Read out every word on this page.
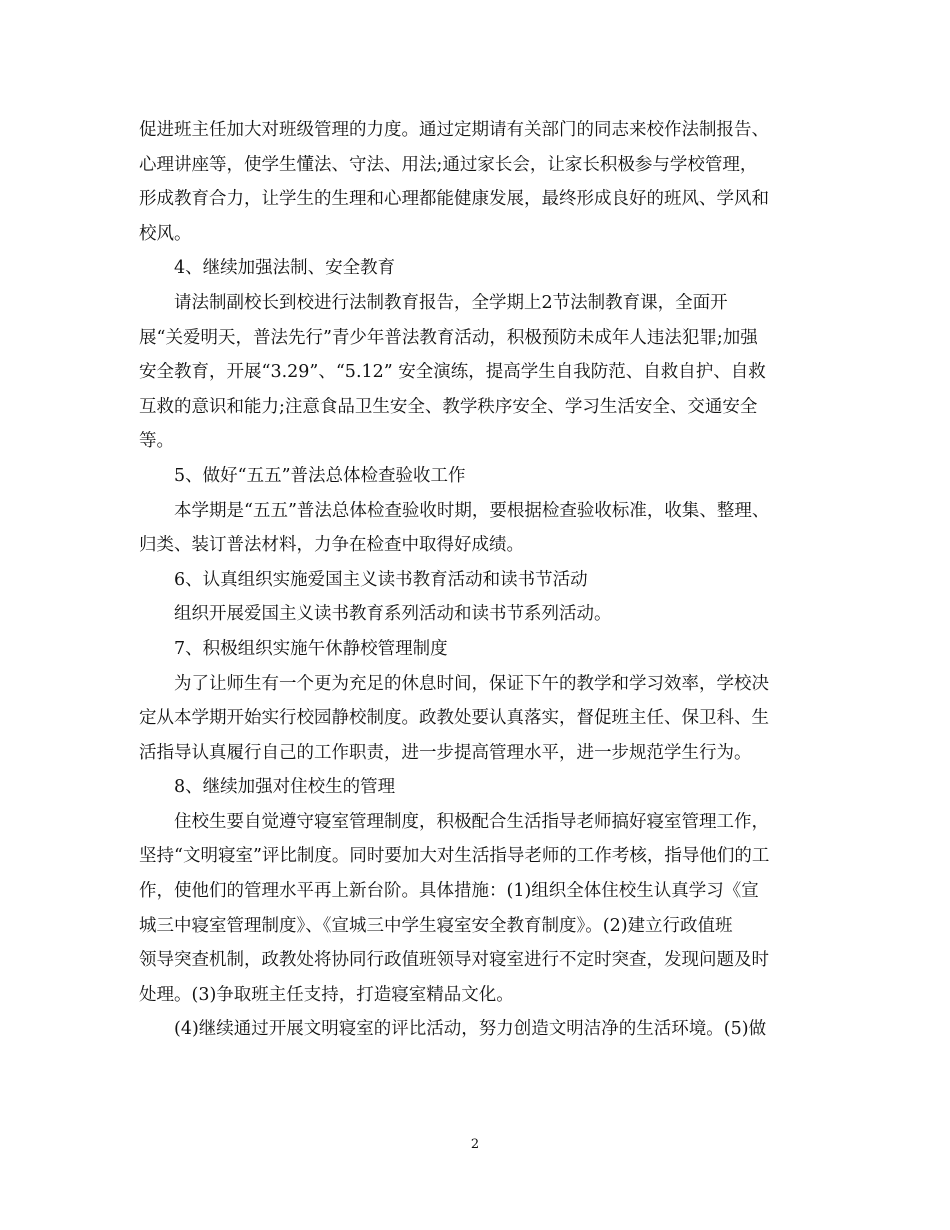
促进班主任加大对班级管理的力度。通过定期请有关部门的同志来校作法制报告、
心理讲座等，使学生懂法、守法、用法;通过家长会，让家长积极参与学校管理，
形成教育合力，让学生的生理和心理都能健康发展，最终形成良好的班风、学风和
校风。
4、继续加强法制、安全教育
请法制副校长到校进行法制教育报告，全学期上2节法制教育课，全面开
展“关爱明天，普法先行”青少年普法教育活动，积极预防未成年人违法犯罪;加强
安全教育，开展“3.29”、“5.12” 安全演练，提高学生自我防范、自救自护、自救
互救的意识和能力;注意食品卫生安全、教学秩序安全、学习生活安全、交通安全
等。
5、做好“五五”普法总体检查验收工作
本学期是“五五”普法总体检查验收时期，要根据检查验收标准，收集、整理、
归类、装订普法材料，力争在检查中取得好成绩。
6、认真组织实施爱国主义读书教育活动和读书节活动
组织开展爱国主义读书教育系列活动和读书节系列活动。
7、积极组织实施午休静校管理制度
为了让师生有一个更为充足的休息时间，保证下午的教学和学习效率，学校决
定从本学期开始实行校园静校制度。政教处要认真落实，督促班主任、保卫科、生
活指导认真履行自己的工作职责，进一步提高管理水平，进一步规范学生行为。
8、继续加强对住校生的管理
住校生要自觉遵守寝室管理制度，积极配合生活指导老师搞好寝室管理工作，
坚持“文明寝室”评比制度。同时要加大对生活指导老师的工作考核，指导他们的工
作，使他们的管理水平再上新台阶。具体措施：(1)组织全体住校生认真学习《宣
城三中寝室管理制度》、《宣城三中学生寝室安全教育制度》。(2)建立行政值班
领导突查机制，政教处将协同行政值班领导对寝室进行不定时突查，发现问题及时
处理。(3)争取班主任支持，打造寝室精品文化。
(4)继续通过开展文明寝室的评比活动，努力创造文明洁净的生活环境。(5)做
2
